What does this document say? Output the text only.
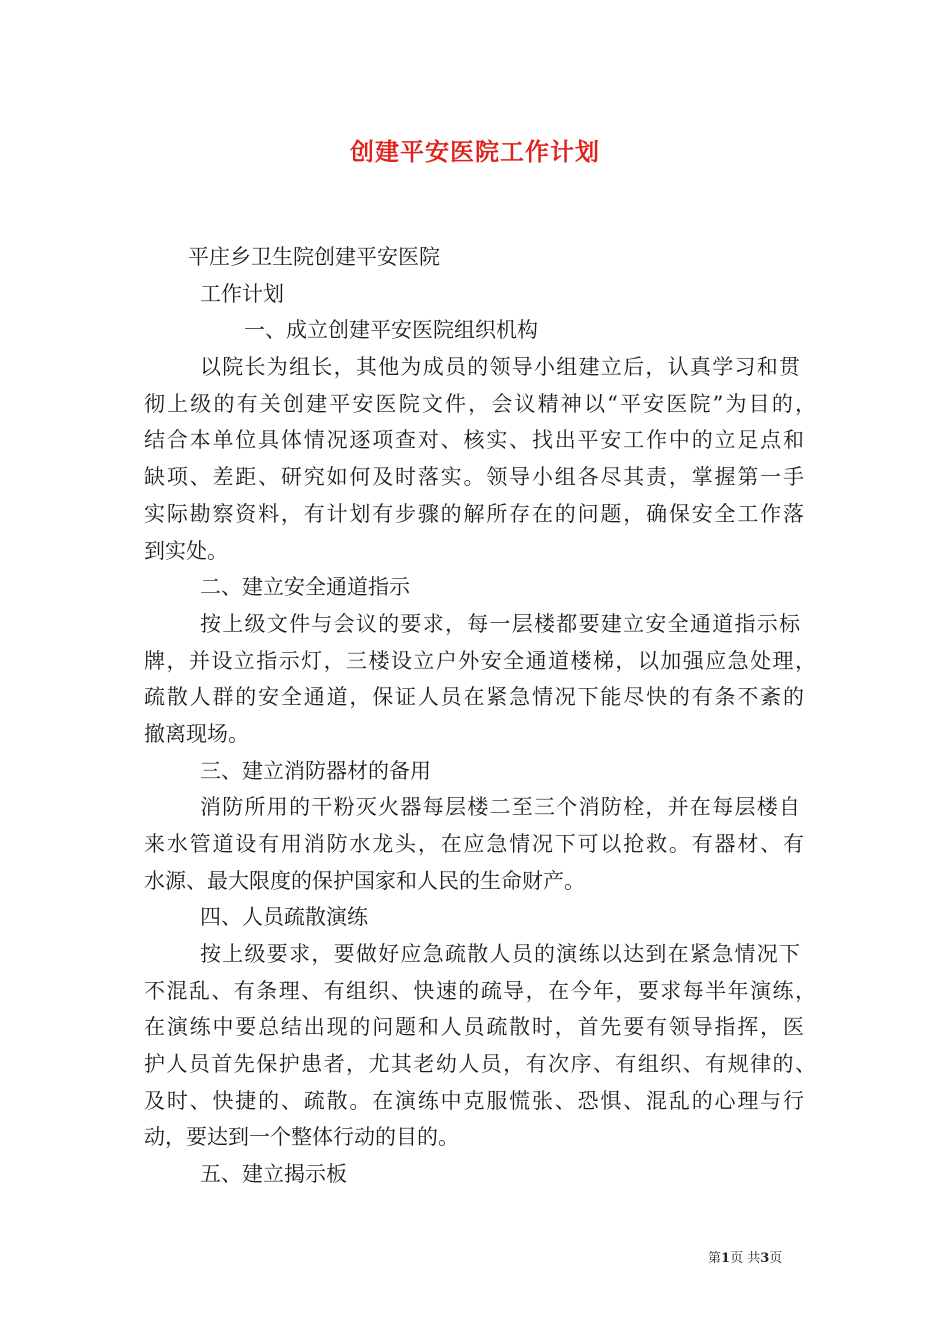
创建平安医院工作计划
平庄乡卫生院创建平安医院
工作计划
一、成立创建平安医院组织机构
以院长为组长，其他为成员的领导小组建立后，认真学习和贯
彻上级的有关创建平安医院文件，会议精神以“平安医院”为目的，
结合本单位具体情况逐项查对、核实、找出平安工作中的立足点和
缺项、差距、研究如何及时落实。领导小组各尽其责，掌握第一手
实际勘察资料，有计划有步骤的解所存在的问题，确保安全工作落
到实处。
二、建立安全通道指示
按上级文件与会议的要求，每一层楼都要建立安全通道指示标
牌，并设立指示灯，三楼设立户外安全通道楼梯，以加强应急处理，
疏散人群的安全通道，保证人员在紧急情况下能尽快的有条不紊的
撤离现场。
三、建立消防器材的备用
消防所用的干粉灭火器每层楼二至三个消防栓，并在每层楼自
来水管道设有用消防水龙头，在应急情况下可以抢救。有器材、有
水源、最大限度的保护国家和人民的生命财产。
四、人员疏散演练
按上级要求，要做好应急疏散人员的演练以达到在紧急情况下
不混乱、有条理、有组织、快速的疏导，在今年，要求每半年演练，
在演练中要总结出现的问题和人员疏散时，首先要有领导指挥，医
护人员首先保护患者，尤其老幼人员，有次序、有组织、有规律的、
及时、快捷的、疏散。在演练中克服慌张、恐惧、混乱的心理与行
动，要达到一个整体行动的目的。
五、建立揭示板
第1页 共3页
